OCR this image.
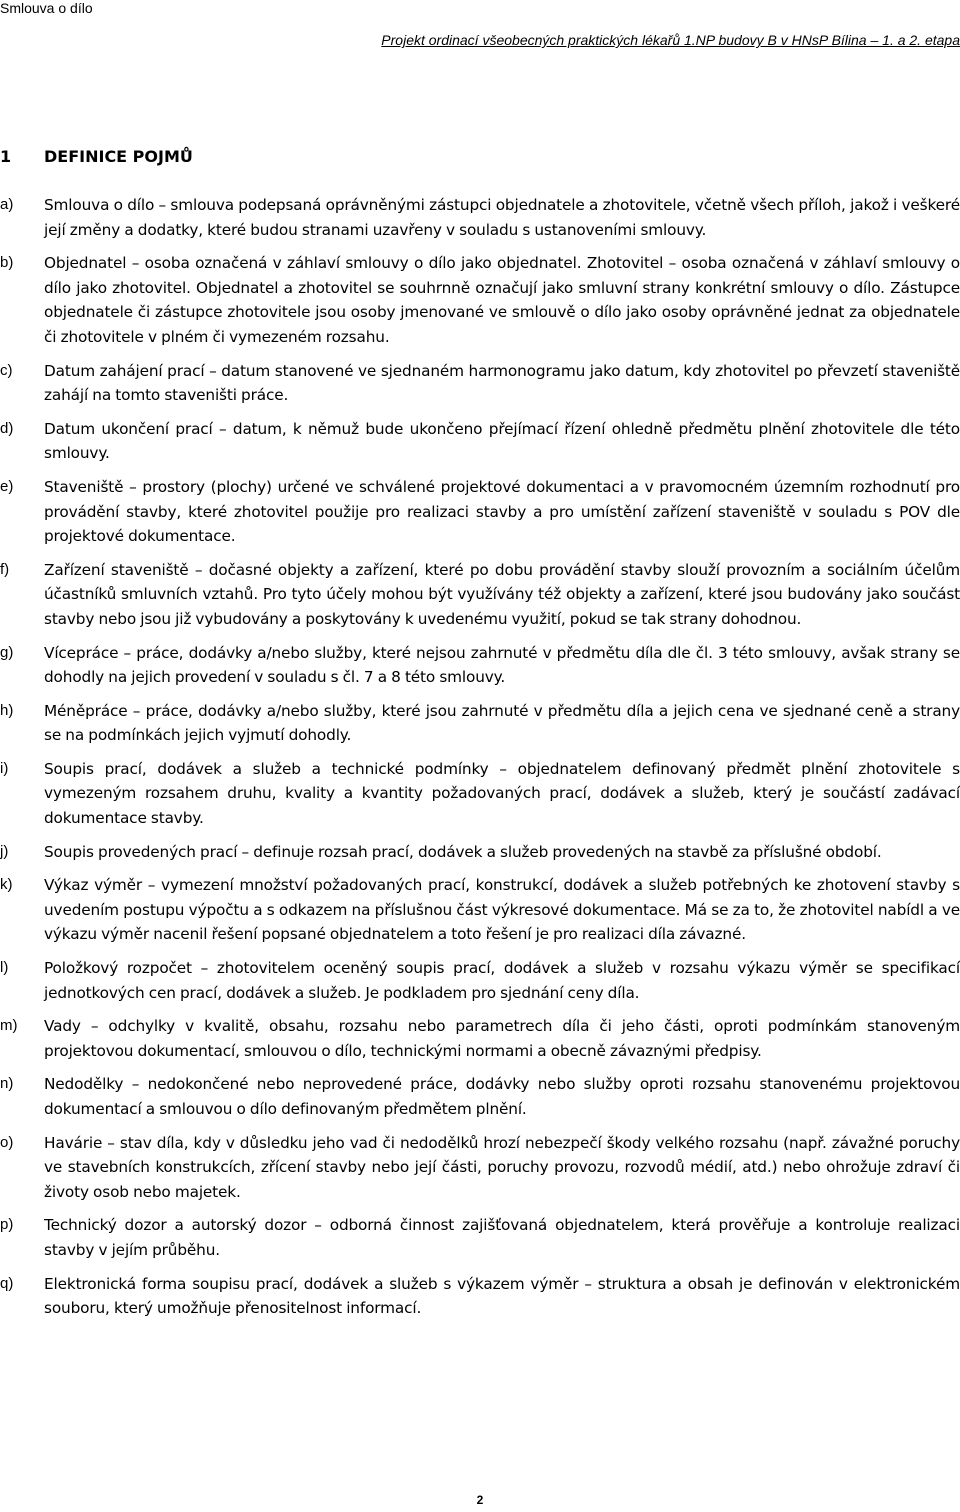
Smlouva o dílo
Projekt ordinací všeobecných praktických lékařů 1.NP budovy B v HNsP Bílina – 1. a 2. etapa
1	DEFINICE POJMŮ
a)	Smlouva o dílo – smlouva podepsaná oprávněnými zástupci objednatele a zhotovitele, včetně všech příloh, jakož i veškeré její změny a dodatky, které budou stranami uzavřeny v souladu s ustanoveními smlouvy.
b)	Objednatel – osoba označená v záhlaví smlouvy o dílo jako objednatel. Zhotovitel – osoba označená v záhlaví smlouvy o dílo jako zhotovitel. Objednatel a zhotovitel se souhrnně označují jako smluvní strany konkrétní smlouvy o dílo. Zástupce objednatele či zástupce zhotovitele jsou osoby jmenované ve smlouvě o dílo jako osoby oprávněné jednat za objednatele či zhotovitele v plném či vymezeném rozsahu.
c)	Datum zahájení prací – datum stanovené ve sjednaném harmonogramu jako datum, kdy zhotovitel po převzetí staveniště zahájí na tomto staveništi práce.
d)	Datum ukončení prací – datum, k němuž bude ukončeno přejímací řízení ohledně předmětu plnění zhotovitele dle této smlouvy.
e)	Staveniště – prostory (plochy) určené ve schválené projektové dokumentaci a v pravomocném územním rozhodnutí pro provádění stavby, které zhotovitel použije pro realizaci stavby a pro umístění zařízení staveniště v souladu s POV dle projektové dokumentace.
f)	Zařízení staveniště – dočasné objekty a zařízení, které po dobu provádění stavby slouží provozním a sociálním účelům účastníků smluvních vztahů. Pro tyto účely mohou být využívány též objekty a zařízení, které jsou budovány jako součást stavby nebo jsou již vybudovány a poskytovány k uvedenému využití, pokud se tak strany dohodnou.
g)	Vícepráce – práce, dodávky a/nebo služby, které nejsou zahrnuté v předmětu díla dle čl. 3 této smlouvy, avšak strany se dohodly na jejich provedení v souladu s čl. 7 a 8 této smlouvy.
h)	Méněpráce – práce, dodávky a/nebo služby, které jsou zahrnuté v předmětu díla a jejich cena ve sjednané ceně a strany se na podmínkách jejich vyjmutí dohodly.
i)	Soupis prací, dodávek a služeb a technické podmínky – objednatelem definovaný předmět plnění zhotovitele s vymezeným rozsahem druhu, kvality a kvantity požadovaných prací, dodávek a služeb, který je součástí zadávací dokumentace stavby.
j)	Soupis provedených prací – definuje rozsah prací, dodávek a služeb provedených na stavbě za příslušné období.
k)	Výkaz výměr – vymezení množství požadovaných prací, konstrukcí, dodávek a služeb potřebných ke zhotovení stavby s uvedením postupu výpočtu a s odkazem na příslušnou část výkresové dokumentace. Má se za to, že zhotovitel nabídl a ve výkazu výměr nacenil řešení popsané objednatelem a toto řešení je pro realizaci díla závazné.
l)	Položkový rozpočet – zhotovitelem oceněný soupis prací, dodávek a služeb v rozsahu výkazu výměr se specifikací jednotkových cen prací, dodávek a služeb. Je podkladem pro sjednání ceny díla.
m)	Vady – odchylky v kvalitě, obsahu, rozsahu nebo parametrech díla či jeho části, oproti podmínkám stanoveným projektovou dokumentací, smlouvou o dílo, technickými normami a obecně závaznými předpisy.
n)	Nedodělky – nedokončené nebo neprovedené práce, dodávky nebo služby oproti rozsahu stanovenému projektovou dokumentací a smlouvou o dílo definovaným předmětem plnění.
o)	Havárie – stav díla, kdy v důsledku jeho vad či nedodělků hrozí nebezpečí škody velkého rozsahu (např. závažné poruchy ve stavebních konstrukcích, zřícení stavby nebo její části, poruchy provozu, rozvodů médií, atd.) nebo ohrožuje zdraví či životy osob nebo majetek.
p)	Technický dozor a autorský dozor – odborná činnost zajišťovaná objednatelem, která prověřuje a kontroluje realizaci stavby v jejím průběhu.
q)	Elektronická forma soupisu prací, dodávek a služeb s výkazem výměr – struktura a obsah je definován v elektronickém souboru, který umožňuje přenositelnost informací.
2
